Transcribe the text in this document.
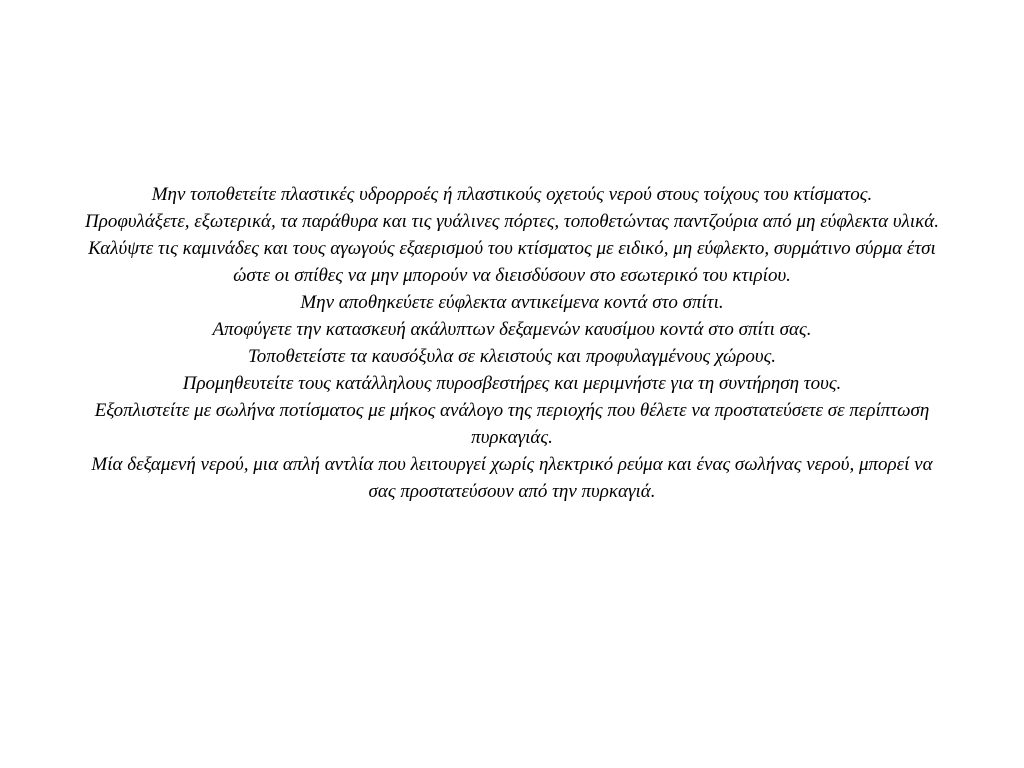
Μην τοποθετείτε πλαστικές υδρορροές ή πλαστικούς οχετούς νερού στους τοίχους του κτίσματος.

Προφυλάξετε, εξωτερικά, τα παράθυρα και τις γυάλινες πόρτες, τοποθετώντας παντζούρια από μη εύφλεκτα υλικά.

Καλύψτε τις καμινάδες και τους αγωγούς εξαερισμού του κτίσματος με ειδικό, μη εύφλεκτο, συρμάτινο σύρμα έτσι ώστε οι σπίθες να μην μπορούν να διεισδύσουν στο εσωτερικό του κτιρίου.

Μην αποθηκεύετε εύφλεκτα αντικείμενα κοντά στο σπίτι.

Αποφύγετε την κατασκευή ακάλυπτων δεξαμενών καυσίμου κοντά στο σπίτι σας.

Τοποθετείστε τα καυσόξυλα σε κλειστούς και προφυλαγμένους χώρους.

Προμηθευτείτε τους κατάλληλους πυροσβεστήρες και μεριμνήστε για τη συντήρηση τους.

Εξοπλιστείτε με σωλήνα ποτίσματος με μήκος ανάλογο της περιοχής που θέλετε να προστατεύσετε σε περίπτωση πυρκαγιάς.

Μία δεξαμενή νερού, μια απλή αντλία που λειτουργεί χωρίς ηλεκτρικό ρεύμα και ένας σωλήνας νερού, μπορεί να σας προστατεύσουν από την πυρκαγιά.
